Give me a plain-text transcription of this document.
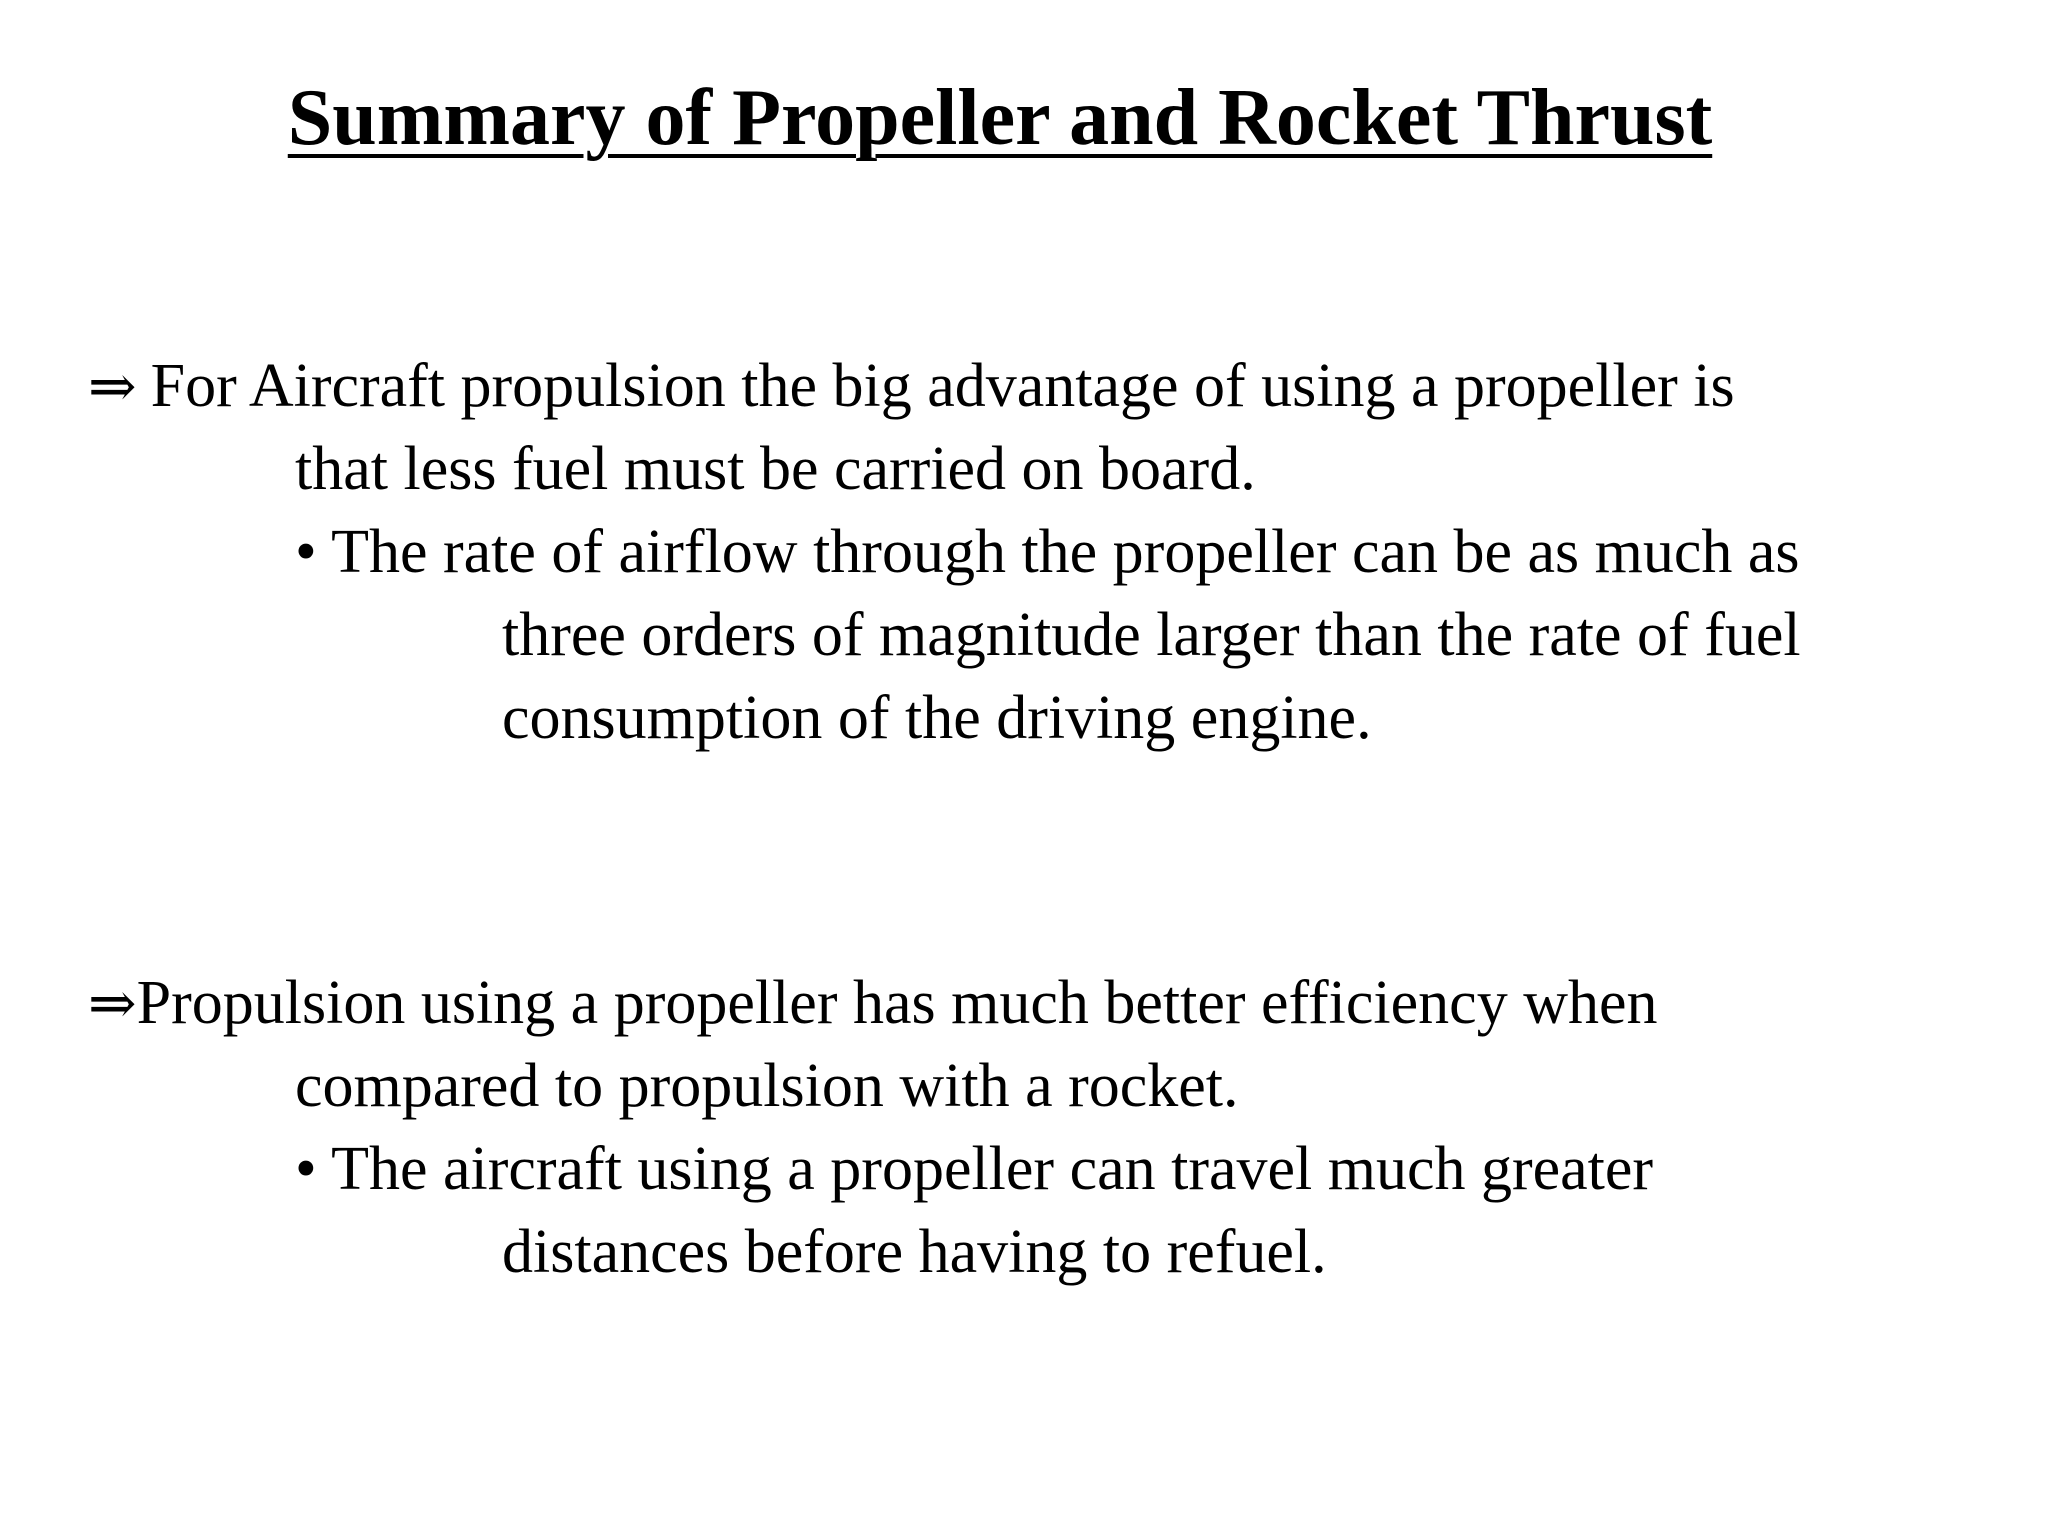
Summary of Propeller and Rocket Thrust
⇒ For Aircraft propulsion the big advantage of using a propeller is
that less fuel must be carried on board.
• The rate of airflow through the propeller can be as much as
three orders of magnitude larger than the rate of fuel
consumption of the driving engine.
⇒Propulsion using a propeller has much better efficiency when
compared to propulsion with a rocket.
• The aircraft using a propeller can travel much greater
distances before having to refuel.
